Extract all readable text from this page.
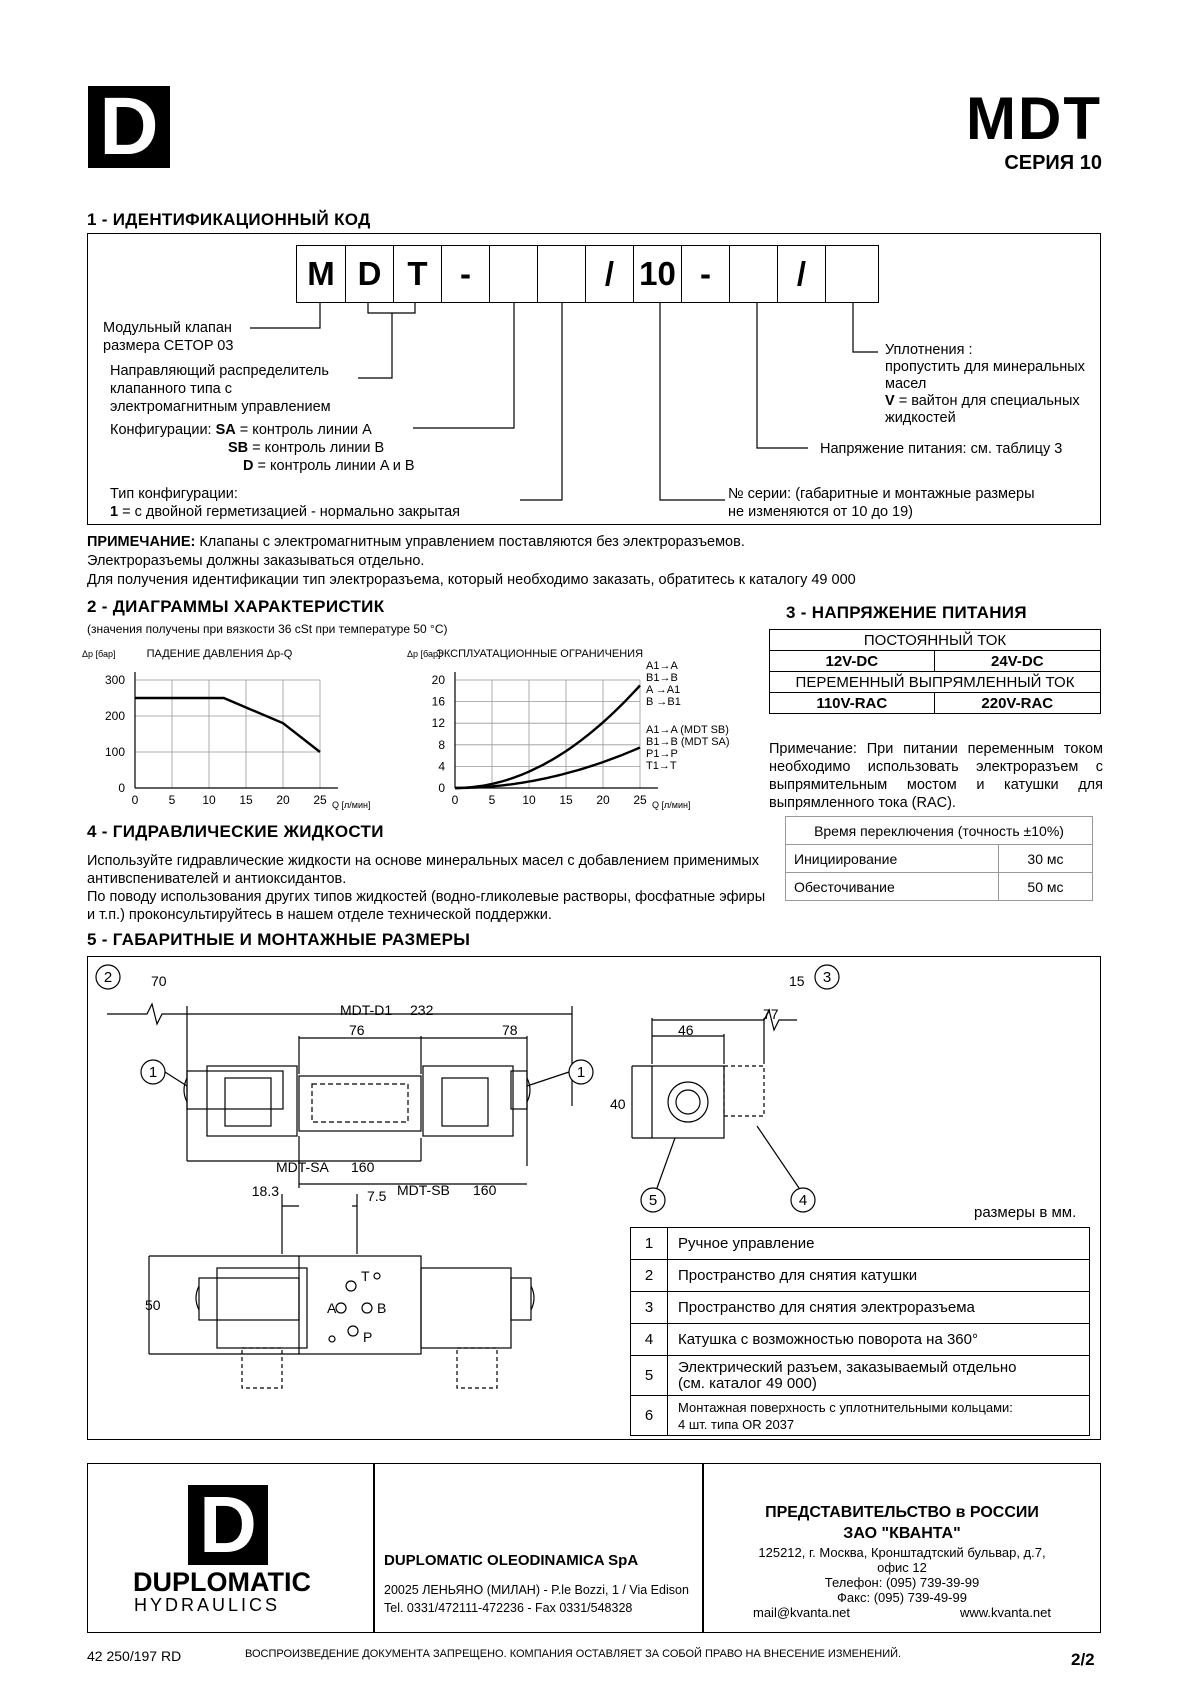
D	MDT
СЕРИЯ 10
1 - ИДЕНТИФИКАЦИОННЫЙ КОД
M D T -	/ 10 -	/
Модульный клапан
размера CETOP 03
Направляющий распределитель
клапанного типа с
электромагнитным управлением
Конфигурации: SA = контроль линии A
SB = контроль линии B
D = контроль линии A и B
Тип конфигурации:
1 = с двойной герметизацией - нормально закрытая
Уплотнения :
пропустить для минеральных
масел
V = вайтон для специальных
жидкостей
Напряжение питания: см. таблицу 3
№ серии: (габаритные и монтажные размеры
не изменяются от 10 до 19)
ПРИМЕЧАНИЕ: Клапаны с электромагнитным управлением поставляются без электроразъемов.
Электроразъемы должны заказываться отдельно.
Для получения идентификации тип электроразъема, который необходимо заказать, обратитесь к каталогу 49 000
2 - ДИАГРАММЫ ХАРАКТЕРИСТИК
(значения получены при вязкости 36 cSt при температуре 50 °C)
Δp [бар]	ПАДЕНИЕ ДАВЛЕНИЯ Δp-Q
0	5 10 15 20 25
300
200
100
0
Q [л/мин]
Δp [бар]
ЭКСПЛУАТАЦИОННЫЕ ОГРАНИЧЕНИЯ
0	5 10 15 20 25
20
16
12
8
4
0
Q [л/мин]
A1→A
B1→B
A →A1
B →B1
A1→A (MDT SB)
B1→B (MDT SA)
P1→P
T1→T
3 - НАПРЯЖЕНИЕ ПИТАНИЯ
ПОСТОЯННЫЙ ТОК	
12V-DC	24V-DC
ПЕРЕМЕННЫЙ ВЫПРЯМЛЕННЫЙ ТОК	
110V-RAC	220V-RAC
Примечание: При питании переменным током необходимо использовать электроразъем с выпрямительным мостом и катушки для выпрямленного тока (RAC).
Время переключения (точность ±10%)	
Инициирование	30 мс
Обесточивание	50 мс
4 - ГИДРАВЛИЧЕСКИЕ ЖИДКОСТИ
Используйте гидравлические жидкости на основе минеральных масел с добавлением применимых антивспенивателей и антиоксидантов.
По поводу использования других типов жидкостей (водно-гликолевые растворы, фосфатные эфиры и т.п.) проконсультируйтесь в нашем отделе технической поддержки.
5 - ГАБАРИТНЫЕ И МОНТАЖНЫЕ РАЗМЕРЫ
2	3
1	1
5	4
70
MDT-D1 232
76	78
MDT-SA 160
MDT-SB 160
15
77
46
40
18.3	7.5
50
T
A	B
P
размеры в мм.
1	Ручное управление
2	Пространство для снятия катушки
3	Пространство для снятия электроразъема
4	Катушка с возможностью поворота на 360°
5	Электрический разъем, заказываемый отдельно
(см. каталог 49 000)

6	Монтажная поверхность с уплотнительными кольцами:
4 шт. типа OR 2037
D
DUPLOMATIC
HYDRAULICS
DUPLOMATIC OLEODINAMICA SpA
20025 ЛЕНЬЯНО (МИЛАН) - P.le Bozzi, 1 / Via Edison
Tel. 0331/472111-472236 - Fax 0331/548328
ПРЕДСТАВИТЕЛЬСТВО в РОССИИ
ЗАО "КВАНТА"
125212, г. Москва, Кронштадтский бульвар, д.7,
офис 12
Телефон: (095) 739-39-99
Факс: (095) 739-49-99
mail@kvanta.net	www.kvanta.net
42 250/197 RD	ВОСПРОИЗВЕДЕНИЕ ДОКУМЕНТА ЗАПРЕЩЕНО. КОМПАНИЯ ОСТАВЛЯЕТ ЗА СОБОЙ ПРАВО НА ВНЕСЕНИЕ ИЗМЕНЕНИЙ.	2/2
